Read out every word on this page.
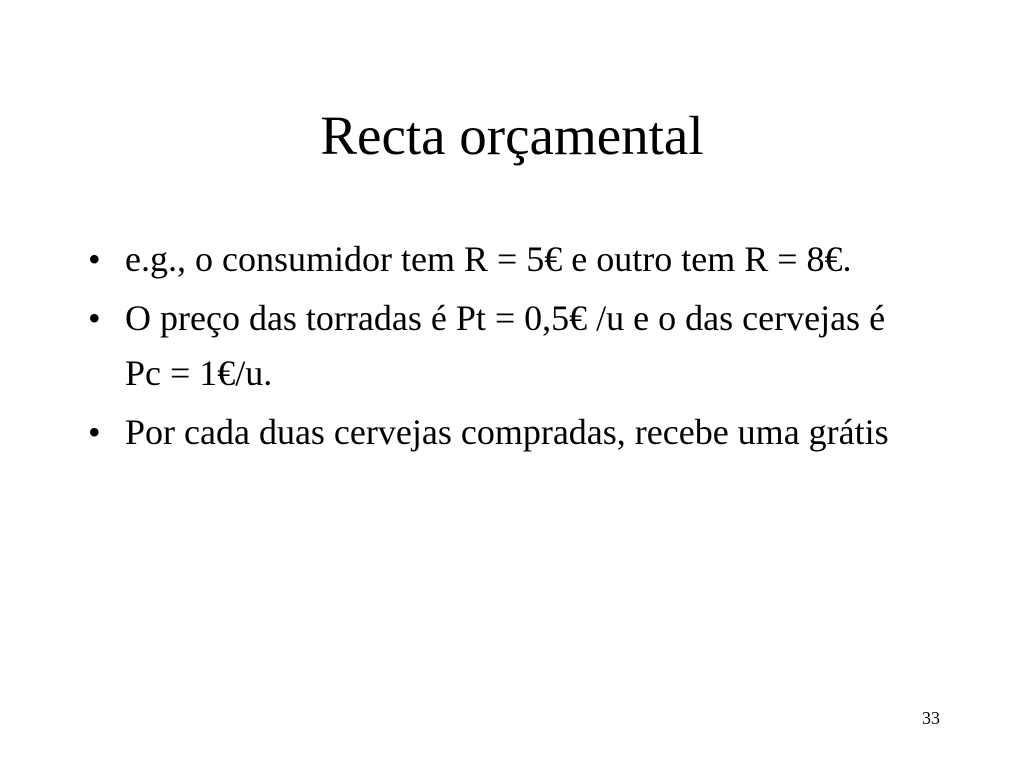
Recta orçamental
• e.g., o consumidor tem R = 5€ e outro tem R = 8€.
• O preço das torradas é Pt = 0,5€ /u e o das cervejas é Pc = 1€/u.
• Por cada duas cervejas compradas, recebe uma grátis
33
